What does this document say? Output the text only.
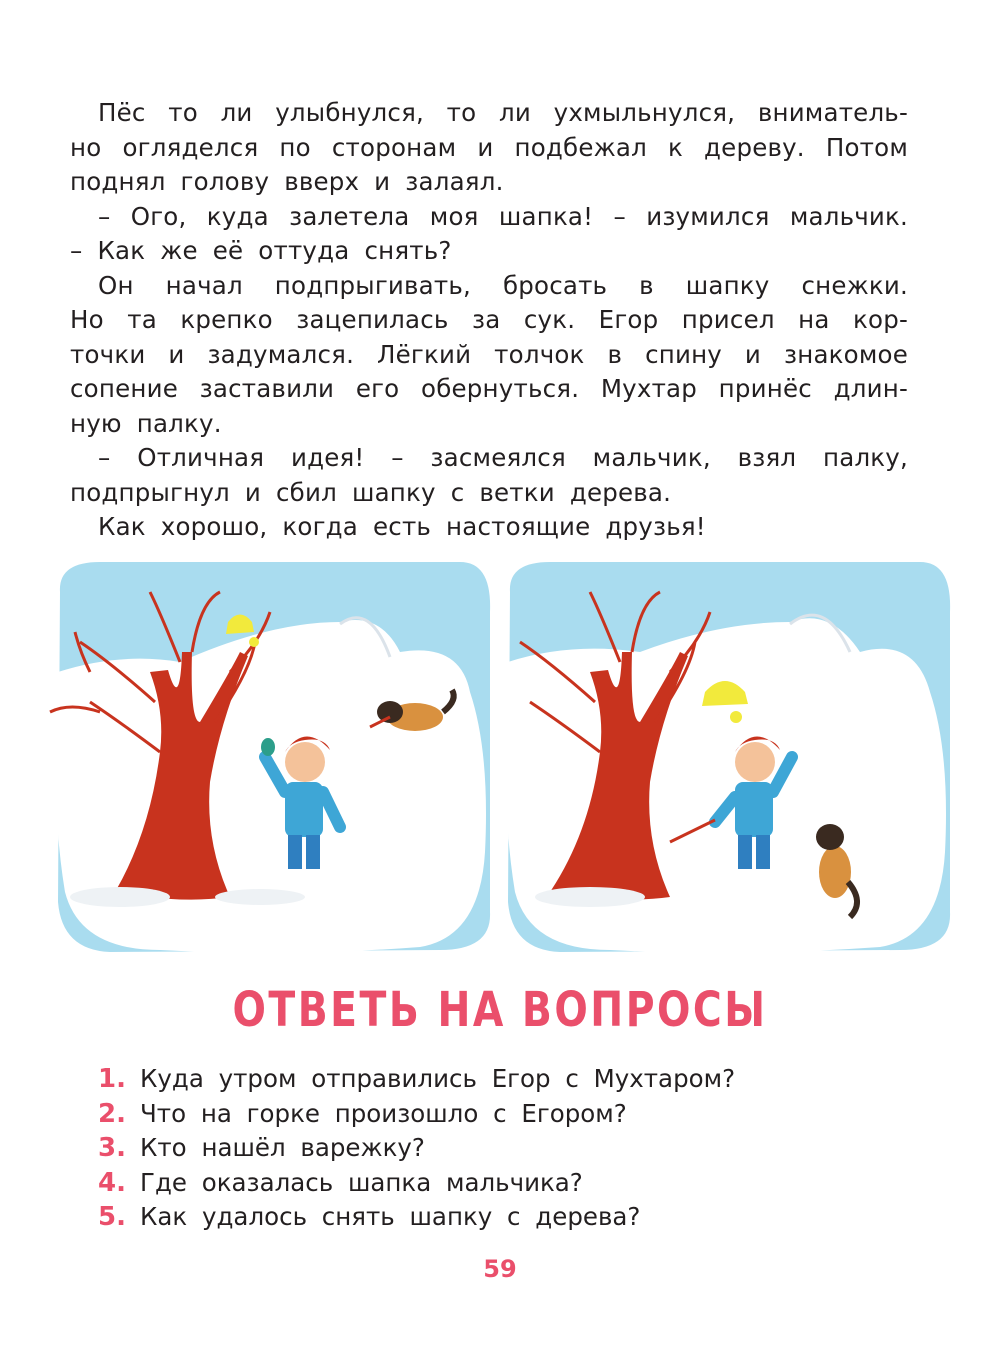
Пёс то ли улыбнулся, то ли ухмыльнулся, вниматель-
но огляделся по сторонам и подбежал к дереву. Потом
поднял голову вверх и залаял.
– Ого, куда залетела моя шапка! – изумился мальчик.
– Как же её оттуда снять?
Он начал подпрыгивать, бросать в шапку снежки.
Но та крепко зацепилась за сук. Егор присел на кор-
точки и задумался. Лёгкий толчок в спину и знакомое
сопение заставили его обернуться. Мухтар принёс длин-
ную палку.
– Отличная идея! – засмеялся мальчик, взял палку,
подпрыгнул и сбил шапку с ветки дерева.
Как хорошо, когда есть настоящие друзья!
ОТВЕТЬ НА ВОПРОСЫ
1. Куда утром отправились Егор с Мухтаром?
2. Что на горке произошло с Егором?
3. Кто нашёл варежку?
4. Где оказалась шапка мальчика?
5. Как удалось снять шапку с дерева?
59
